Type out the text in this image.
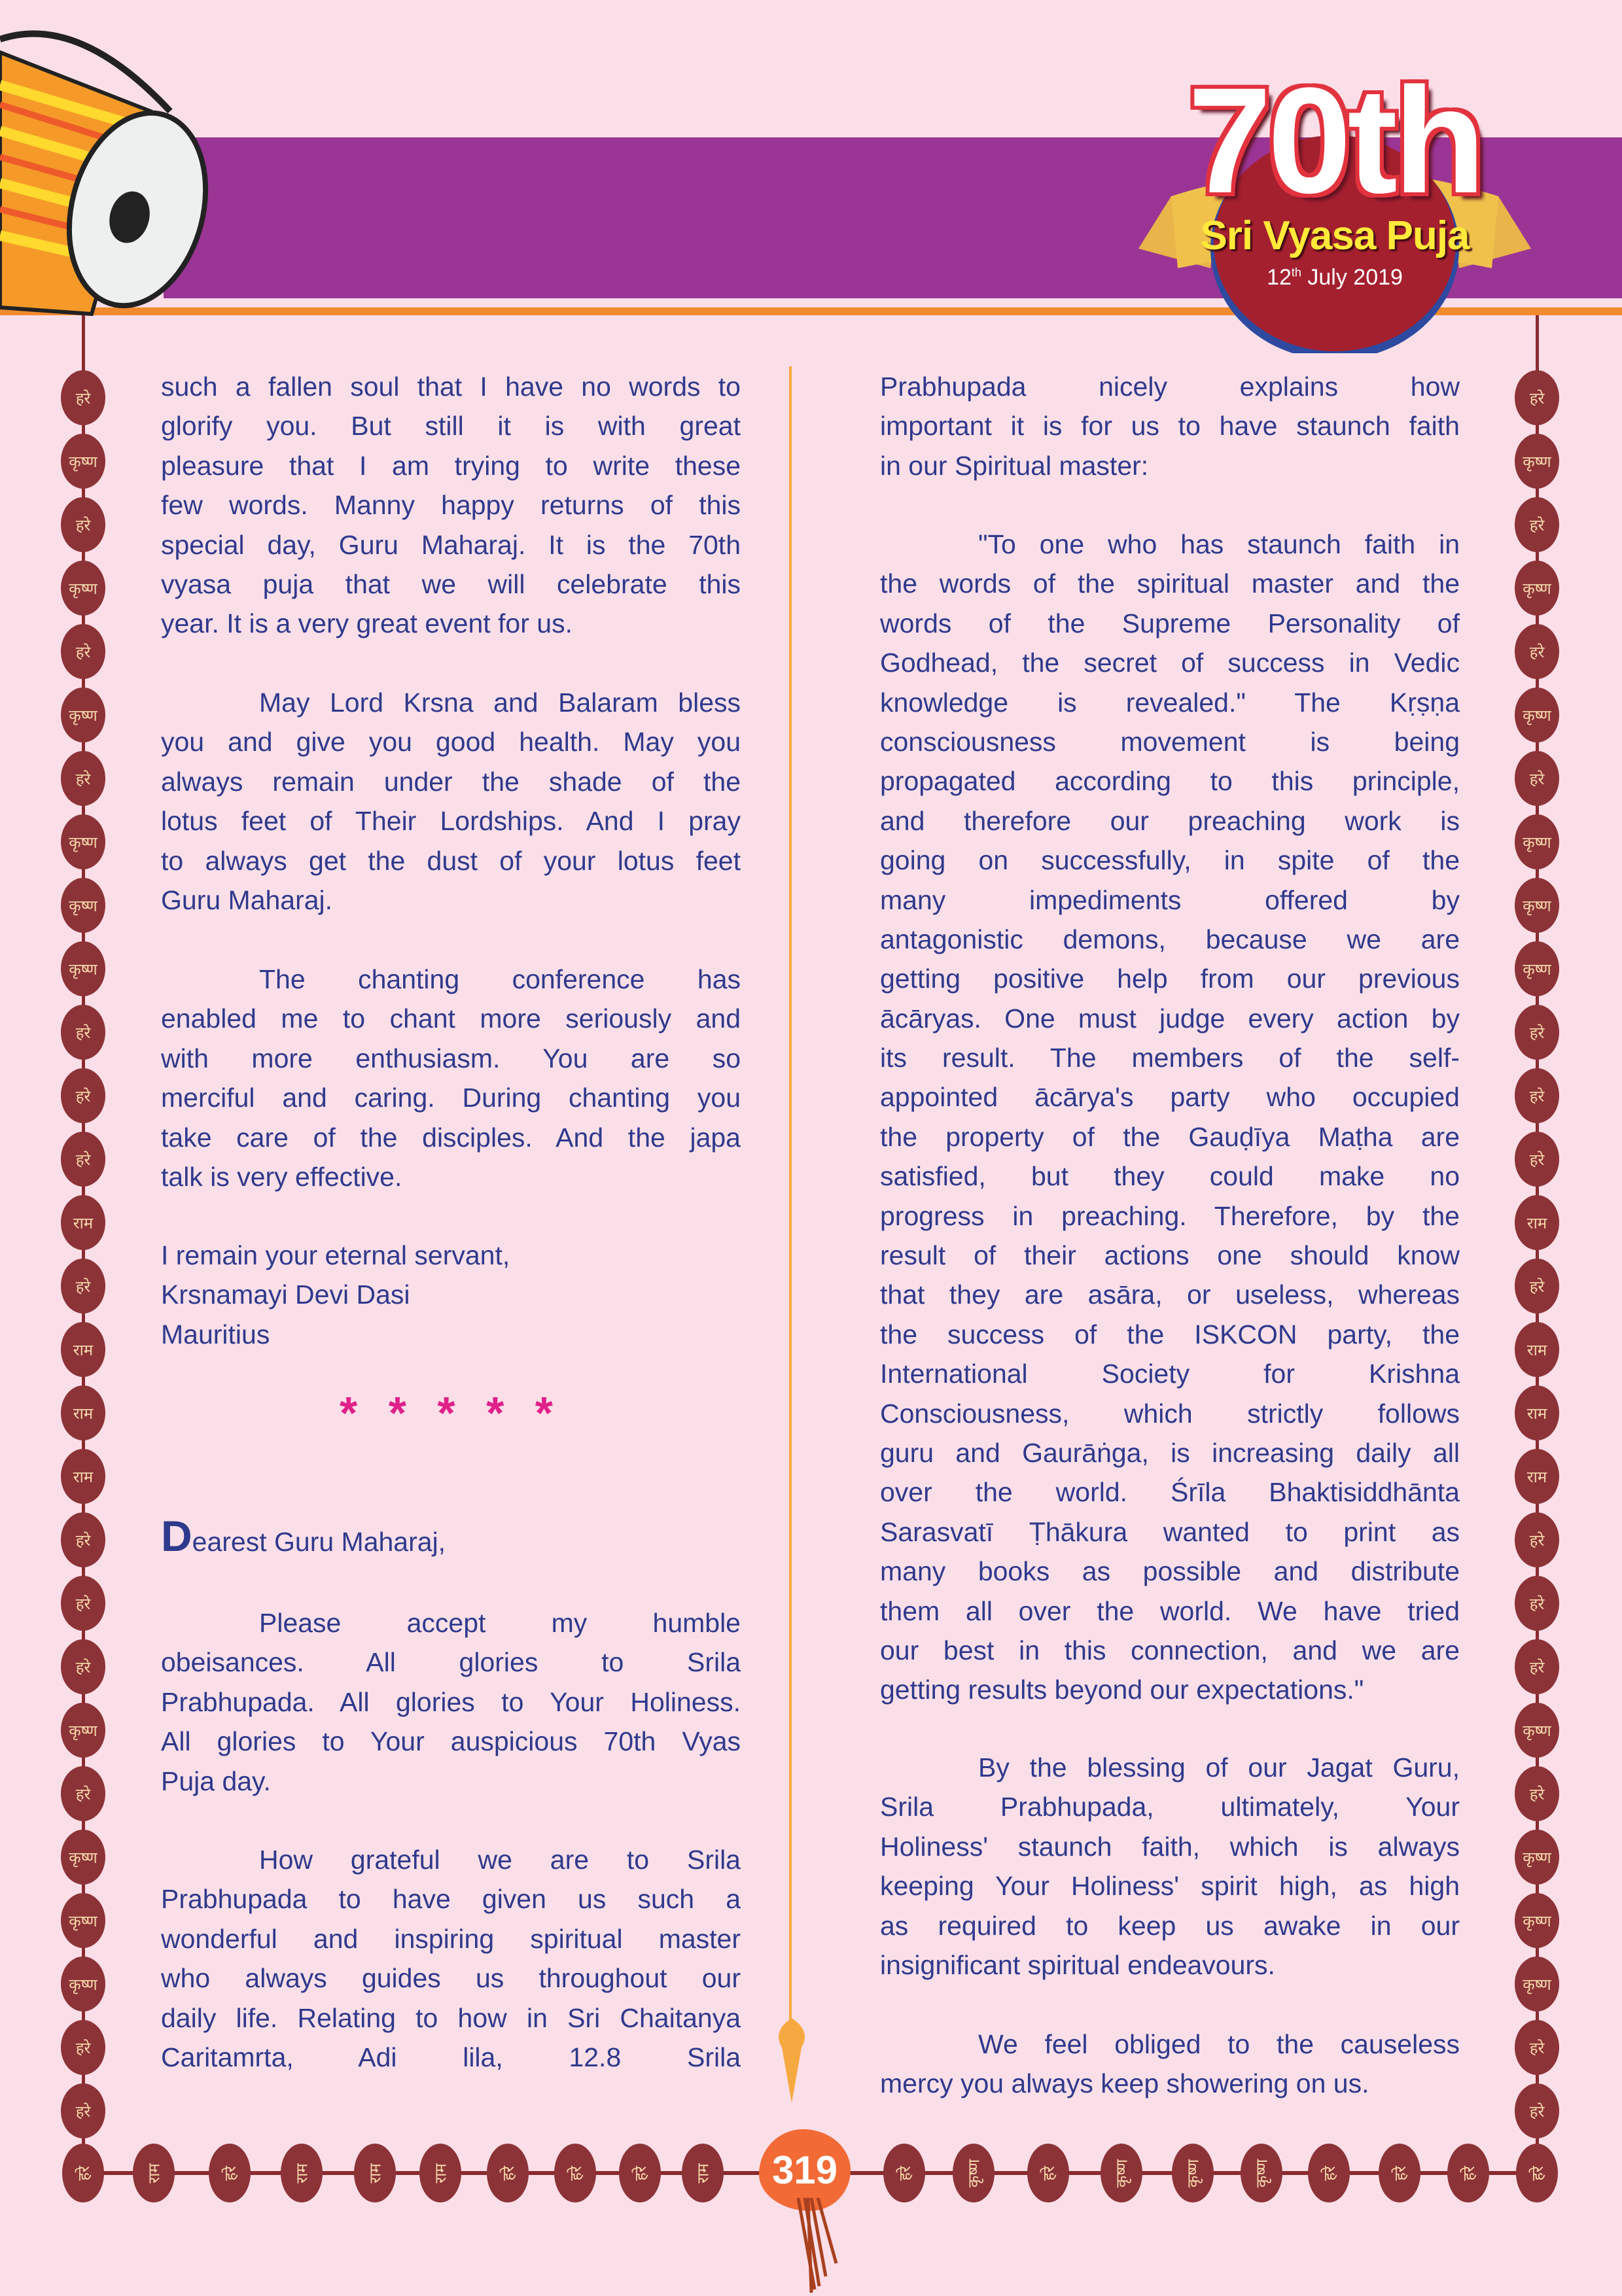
70th
Sri Vyasa Puja
12th July 2019
हरे	हरे
कृष्ण	कृष्ण
हरे	हरे
कृष्ण	कृष्ण
हरे	हरे
कृष्ण	कृष्ण
हरे	हरे
कृष्ण	कृष्ण
कृष्ण	कृष्ण
कृष्ण	कृष्ण
हरे	हरे
हरे	हरे
हरे	हरे
राम	राम
हरे	हरे
राम	राम
राम	राम
राम	राम
हरे	हरे
हरे	हरे
हरे	हरे
कृष्ण	कृष्ण
हरे	हरे
कृष्ण	कृष्ण
कृष्ण	कृष्ण
कृष्ण	कृष्ण
हरे	हरे
हरे	हरे
हरे	राम	हरे	राम	राम	राम	हरे	हरे	हरे	राम	हरे	कृष्ण	हरे	कृष्ण	कृष्ण	कृष्ण	हरे	हरे	हरे	हरे
319
such a fallen soul that I have no words to
glorify you. But still it is with great
pleasure that I am trying to write these
few words. Manny happy returns of this
special day, Guru Maharaj. It is the 70th
vyasa puja that we will celebrate this
year. It is a very great event for us.
May Lord Krsna and Balaram bless
you and give you good health. May you
always remain under the shade of the
lotus feet of Their Lordships. And I pray
to always get the dust of your lotus feet
Guru Maharaj.
The chanting conference has
enabled me to chant more seriously and
with more enthusiasm. You are so
merciful and caring. During chanting you
take care of the disciples. And the japa
talk is very effective.
I remain your eternal servant,
Krsnamayi Devi Dasi
Mauritius
* * * * *
Dearest Guru Maharaj,
Please accept my humble
obeisances. All glories to Srila
Prabhupada. All glories to Your Holiness.
All glories to Your auspicious 70th Vyas
Puja day.
How grateful we are to Srila
Prabhupada to have given us such a
wonderful and inspiring spiritual master
who always guides us throughout our
daily life. Relating to how in Sri Chaitanya
Caritamrta, Adi lila, 12.8 Srila
Prabhupada nicely explains how
important it is for us to have staunch faith
in our Spiritual master:
"To one who has staunch faith in
the words of the spiritual master and the
words of the Supreme Personality of
Godhead, the secret of success in Vedic
knowledge is revealed." The Kṛṣṇa
consciousness movement is being
propagated according to this principle,
and therefore our preaching work is
going on successfully, in spite of the
many impediments offered by
antagonistic demons, because we are
getting positive help from our previous
ācāryas. One must judge every action by
its result. The members of the self-
appointed ācārya's party who occupied
the property of the Gauḍīya Maṭha are
satisfied, but they could make no
progress in preaching. Therefore, by the
result of their actions one should know
that they are asāra, or useless, whereas
the success of the ISKCON party, the
International Society for Krishna
Consciousness, which strictly follows
guru and Gaurāṅga, is increasing daily all
over the world. Śrīla Bhaktisiddhānta
Sarasvatī Ṭhākura wanted to print as
many books as possible and distribute
them all over the world. We have tried
our best in this connection, and we are
getting results beyond our expectations."
By the blessing of our Jagat Guru,
Srila Prabhupada, ultimately, Your
Holiness' staunch faith, which is always
keeping Your Holiness' spirit high, as high
as required to keep us awake in our
insignificant spiritual endeavours.
We feel obliged to the causeless
mercy you always keep showering on us.
